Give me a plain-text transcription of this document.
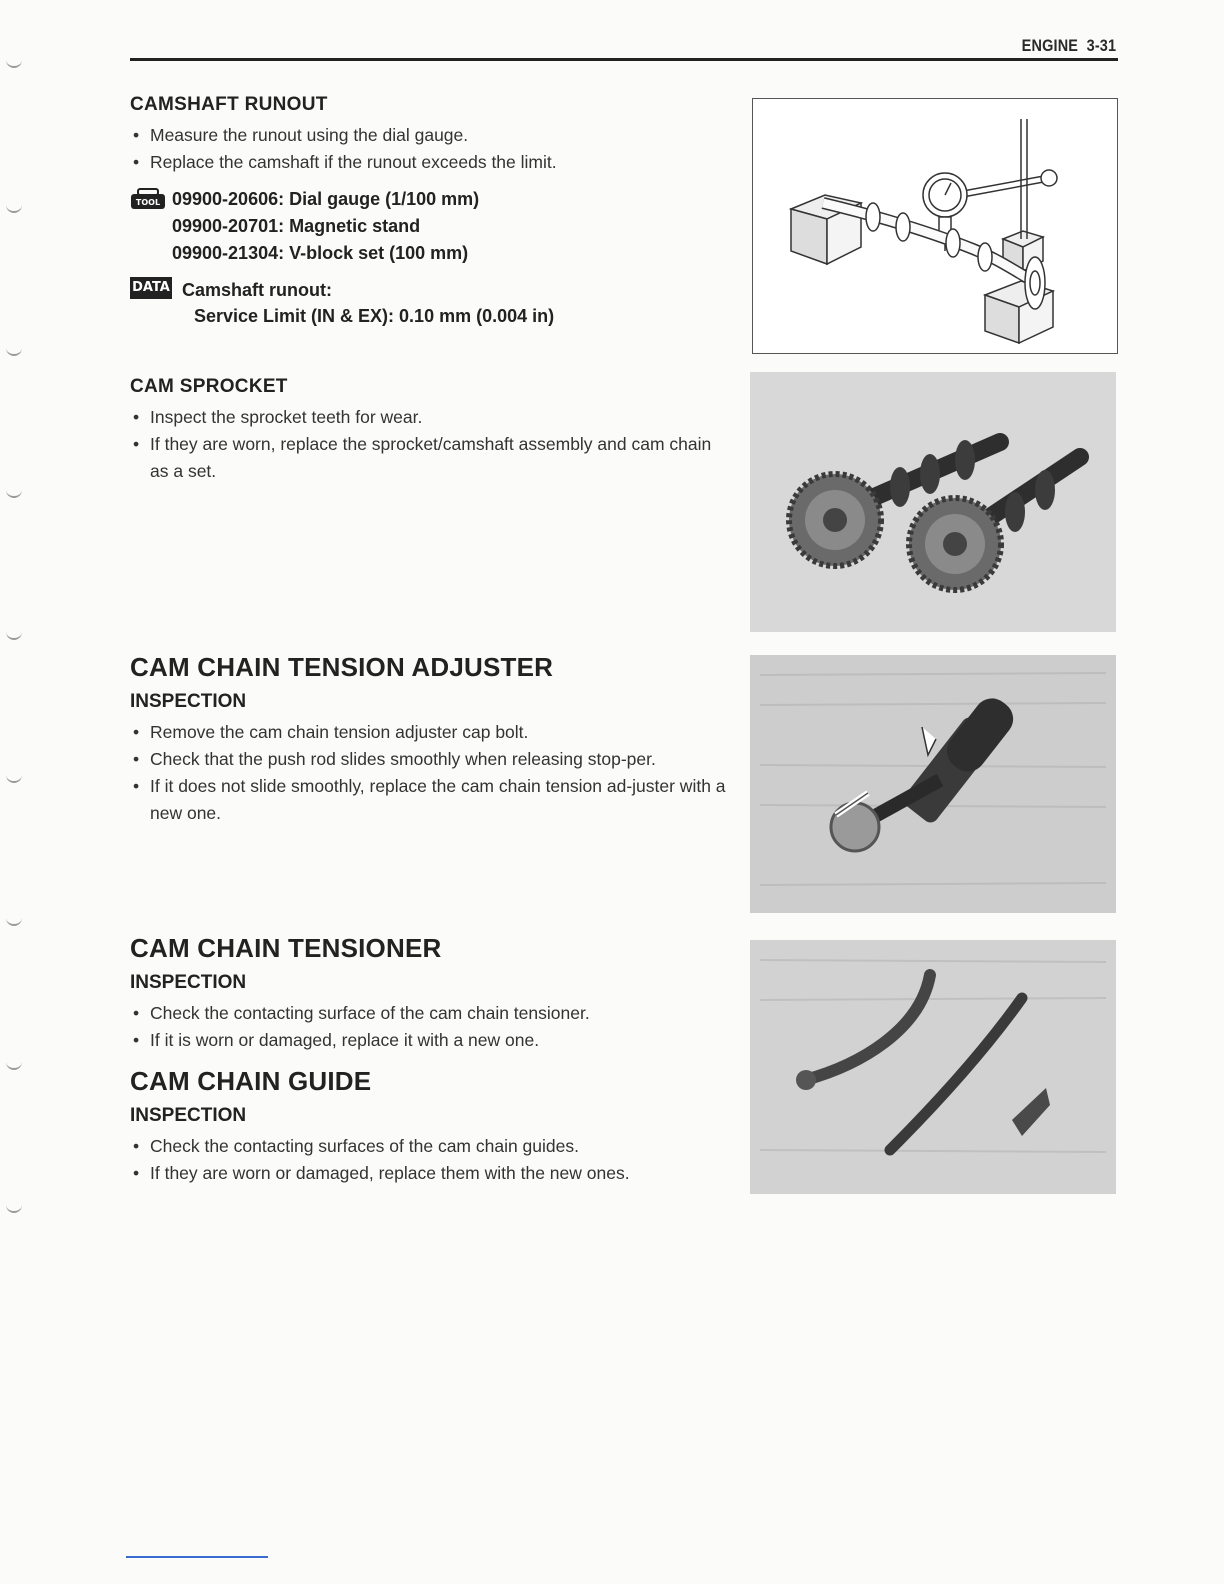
ENGINE 3-31
CAMSHAFT RUNOUT
• Measure the runout using the dial gauge.
• Replace the camshaft if the runout exceeds the limit.
TOOL 09900-20606: Dial gauge (1/100 mm)
09900-20701: Magnetic stand
09900-21304: V-block set (100 mm)
DATA Camshaft runout:
Service Limit (IN & EX): 0.10 mm (0.004 in)
CAM SPROCKET
• Inspect the sprocket teeth for wear.
• If they are worn, replace the sprocket/camshaft assembly and cam chain as a set.
CAM CHAIN TENSION ADJUSTER
INSPECTION
• Remove the cam chain tension adjuster cap bolt.
• Check that the push rod slides smoothly when releasing stop-per.
• If it does not slide smoothly, replace the cam chain tension ad-juster with a new one.
CAM CHAIN TENSIONER
INSPECTION
• Check the contacting surface of the cam chain tensioner.
• If it is worn or damaged, replace it with a new one.
CAM CHAIN GUIDE
INSPECTION
• Check the contacting surfaces of the cam chain guides.
• If they are worn or damaged, replace them with the new ones.
